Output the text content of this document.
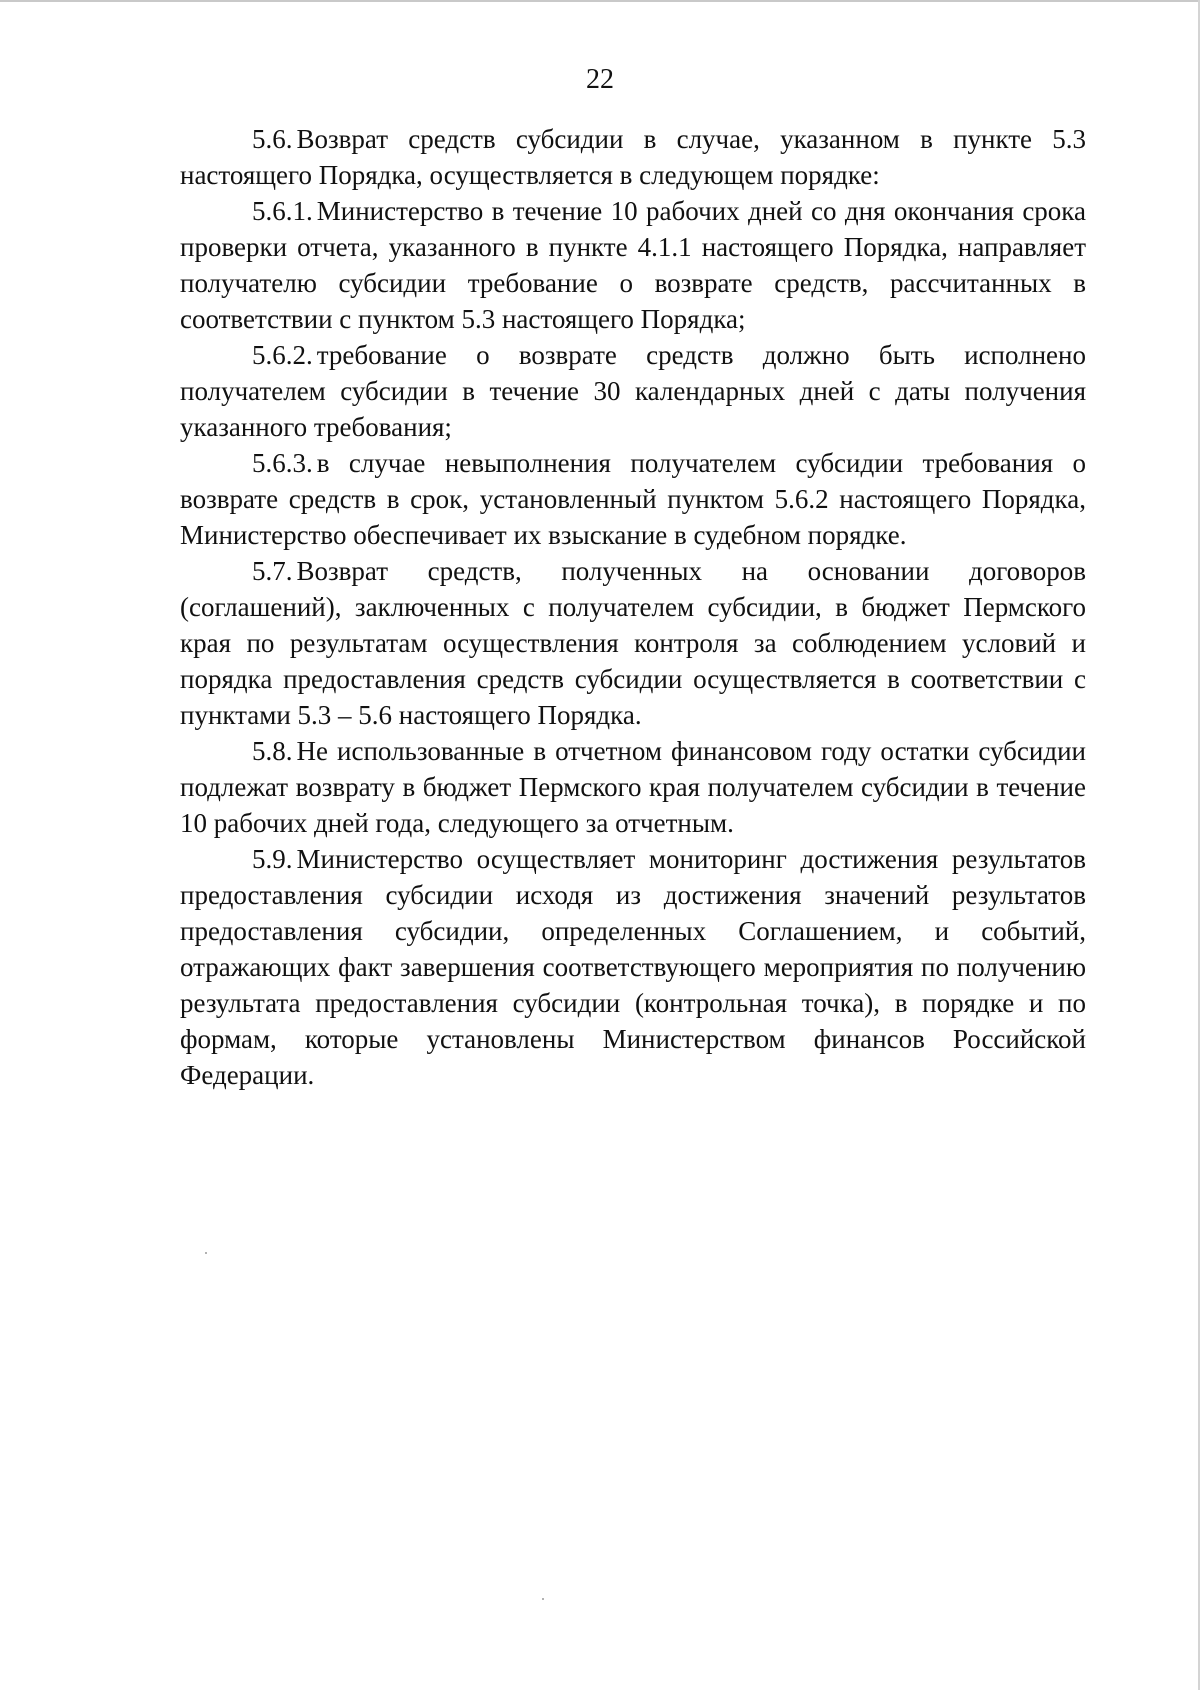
22

5.6. Возврат средств субсидии в случае, указанном в пункте 5.3 настоящего Порядка, осуществляется в следующем порядке:

5.6.1. Министерство в течение 10 рабочих дней со дня окончания срока проверки отчета, указанного в пункте 4.1.1 настоящего Порядка, направляет получателю субсидии требование о возврате средств, рассчитанных в соответствии с пунктом 5.3 настоящего Порядка;

5.6.2. требование о возврате средств должно быть исполнено получателем субсидии в течение 30 календарных дней с даты получения указанного требования;

5.6.3. в случае невыполнения получателем субсидии требования о возврате средств в срок, установленный пунктом 5.6.2 настоящего Порядка, Министерство обеспечивает их взыскание в судебном порядке.

5.7. Возврат средств, полученных на основании договоров (соглашений), заключенных с получателем субсидии, в бюджет Пермского края по результатам осуществления контроля за соблюдением условий и порядка предоставления средств субсидии осуществляется в соответствии с пунктами 5.3 – 5.6 настоящего Порядка.

5.8. Не использованные в отчетном финансовом году остатки субсидии подлежат возврату в бюджет Пермского края получателем субсидии в течение 10 рабочих дней года, следующего за отчетным.

5.9. Министерство осуществляет мониторинг достижения результатов предоставления субсидии исходя из достижения значений результатов предоставления субсидии, определенных Соглашением, и событий, отражающих факт завершения соответствующего мероприятия по получению результата предоставления субсидии (контрольная точка), в порядке и по формам, которые установлены Министерством финансов Российской Федерации.
